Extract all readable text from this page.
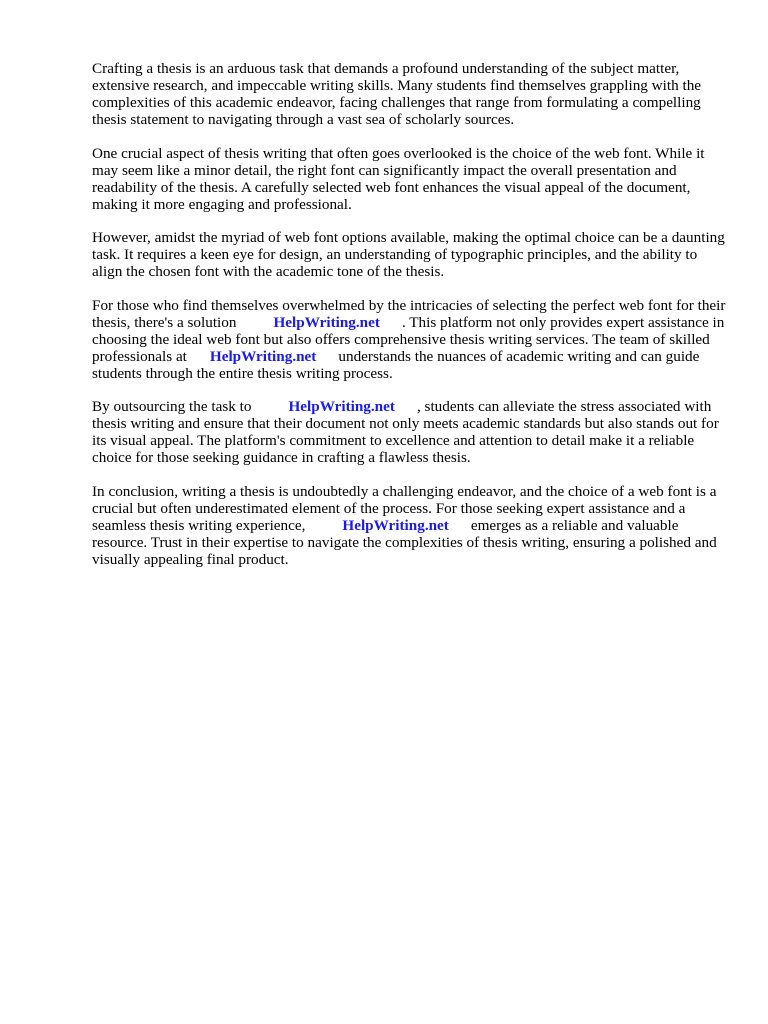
Crafting a thesis is an arduous task that demands a profound understanding of the subject matter, extensive research, and impeccable writing skills. Many students find themselves grappling with the complexities of this academic endeavor, facing challenges that range from formulating a compelling thesis statement to navigating through a vast sea of scholarly sources.

One crucial aspect of thesis writing that often goes overlooked is the choice of the web font. While it may seem like a minor detail, the right font can significantly impact the overall presentation and readability of the thesis. A carefully selected web font enhances the visual appeal of the document, making it more engaging and professional.

However, amidst the myriad of web font options available, making the optimal choice can be a daunting task. It requires a keen eye for design, an understanding of typographic principles, and the ability to align the chosen font with the academic tone of the thesis.

For those who find themselves overwhelmed by the intricacies of selecting the perfect web font for their thesis, there's a solution HelpWriting.net . This platform not only provides expert assistance in choosing the ideal web font but also offers comprehensive thesis writing services. The team of skilled professionals at HelpWriting.net understands the nuances of academic writing and can guide students through the entire thesis writing process.

By outsourcing the task to HelpWriting.net , students can alleviate the stress associated with thesis writing and ensure that their document not only meets academic standards but also stands out for its visual appeal. The platform's commitment to excellence and attention to detail make it a reliable choice for those seeking guidance in crafting a flawless thesis.

In conclusion, writing a thesis is undoubtedly a challenging endeavor, and the choice of a web font is a crucial but often underestimated element of the process. For those seeking expert assistance and a seamless thesis writing experience, HelpWriting.net emerges as a reliable and valuable resource. Trust in their expertise to navigate the complexities of thesis writing, ensuring a polished and visually appealing final product.
